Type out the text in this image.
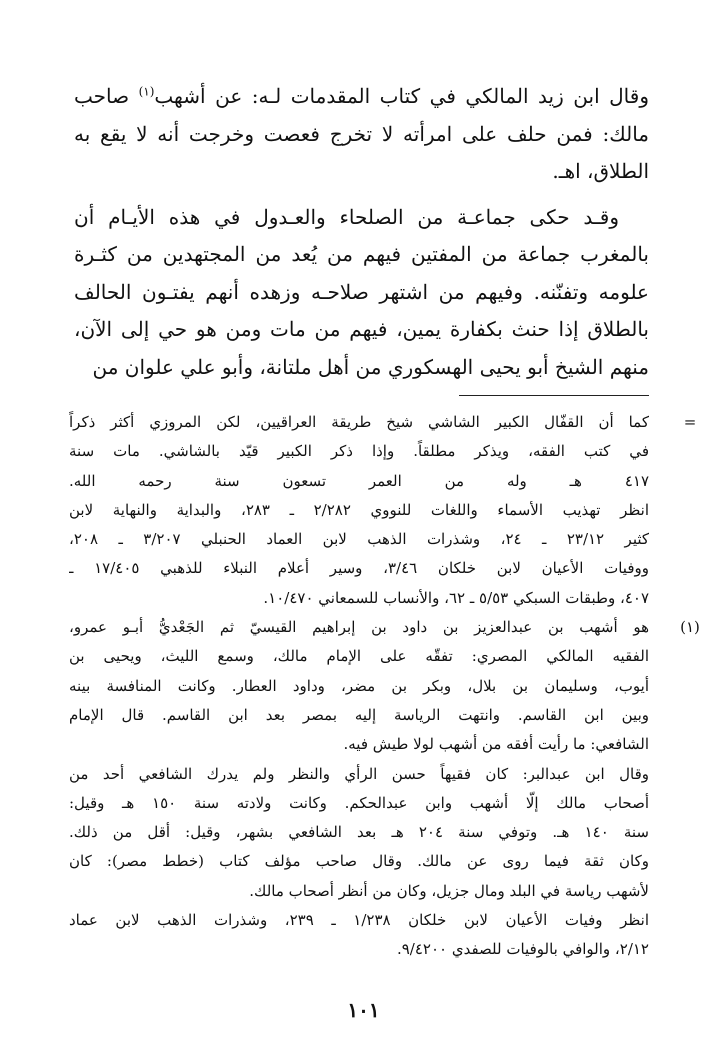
وقال ابن زيد المالكي في كتاب المقدمات لـه: عن أشهب$^{(١)}$ صاحب مالك: فمن حلف على امرأته لا تخرج فعصت وخرجت أنه لا يقع به الطلاق، اهـ.

وقـد حكى جماعـة من الصلحاء والعـدول في هذه الأيـام أن بالمغرب جماعة من المفتين فيهم من يُعد من المجتهدين من كثـرة علومه وتفنّنه. وفيهم من اشتهر صلاحـه وزهده أنهم يفتـون الحالف بالطلاق إذا حنث بكفارة يمين، فيهم من مات ومن هو حي إلى الآن، منهم الشيخ أبو يحيى الهسكوري من أهل ملتانة، وأبو علي علوان من

=
كما أن القفّال الكبير الشاشي شيخ طريقة العراقيين، لكن المروزي أكثر ذكراً
في كتب الفقه، ويذكر مطلقاً. وإذا ذكر الكبير قيّد بالشاشي. مات سنة
٤١٧ هـ وله من العمر تسعون سنة رحمه الله.
انظر تهذيب الأسماء واللغات للنووي ٢/٢٨٢ ـ ٢٨٣، والبداية والنهاية لابن
كثير ٢٣/١٢ ـ ٢٤، وشذرات الذهب لابن العماد الحنبلي ٣/٢٠٧ ـ ٢٠٨،
ووفيات الأعيان لابن خلكان ٣/٤٦، وسير أعلام النبلاء للذهبي ١٧/٤٠٥ ـ
٤٠٧، وطبقات السبكي ٥/٥٣ ـ ٦٢، والأنساب للسمعاني ١٠/٤٧٠.
(١)
هو أشهب بن عبدالعزيز بن داود بن إبراهيم القيسيّ ثم الجَعْديُّ أبـو عمرو،
الفقيه المالكي المصري: تفقّه على الإمام مالك، وسمع الليث، ويحيى بن
أيوب، وسليمان بن بلال، وبكر بن مضر، وداود العطار. وكانت المنافسة بينه
وبين ابن القاسم. وانتهت الرياسة إليه بمصر بعد ابن القاسم. قال الإمام
الشافعي: ما رأيت أفقه من أشهب لولا طيش فيه.
وقال ابن عبدالبر: كان فقيهاً حسن الرأي والنظر ولم يدرك الشافعي أحد من
أصحاب مالك إلّا أشهب وابن عبدالحكم. وكانت ولادته سنة ١٥٠ هـ وقيل:
سنة ١٤٠ هـ. وتوفي سنة ٢٠٤ هـ بعد الشافعي بشهر، وقيل: أقل من ذلك.
وكان ثقة فيما روى عن مالك. وقال صاحب مؤلف كتاب (خطط مصر): كان
لأشهب رياسة في البلد ومال جزيل، وكان من أنظر أصحاب مالك.
انظر وفيات الأعيان لابن خلكان ١/٢٣٨ ـ ٢٣٩، وشذرات الذهب لابن عماد
٢/١٢، والوافي بالوفيات للصفدي ٩/٤٢٠٠.
١٠١
